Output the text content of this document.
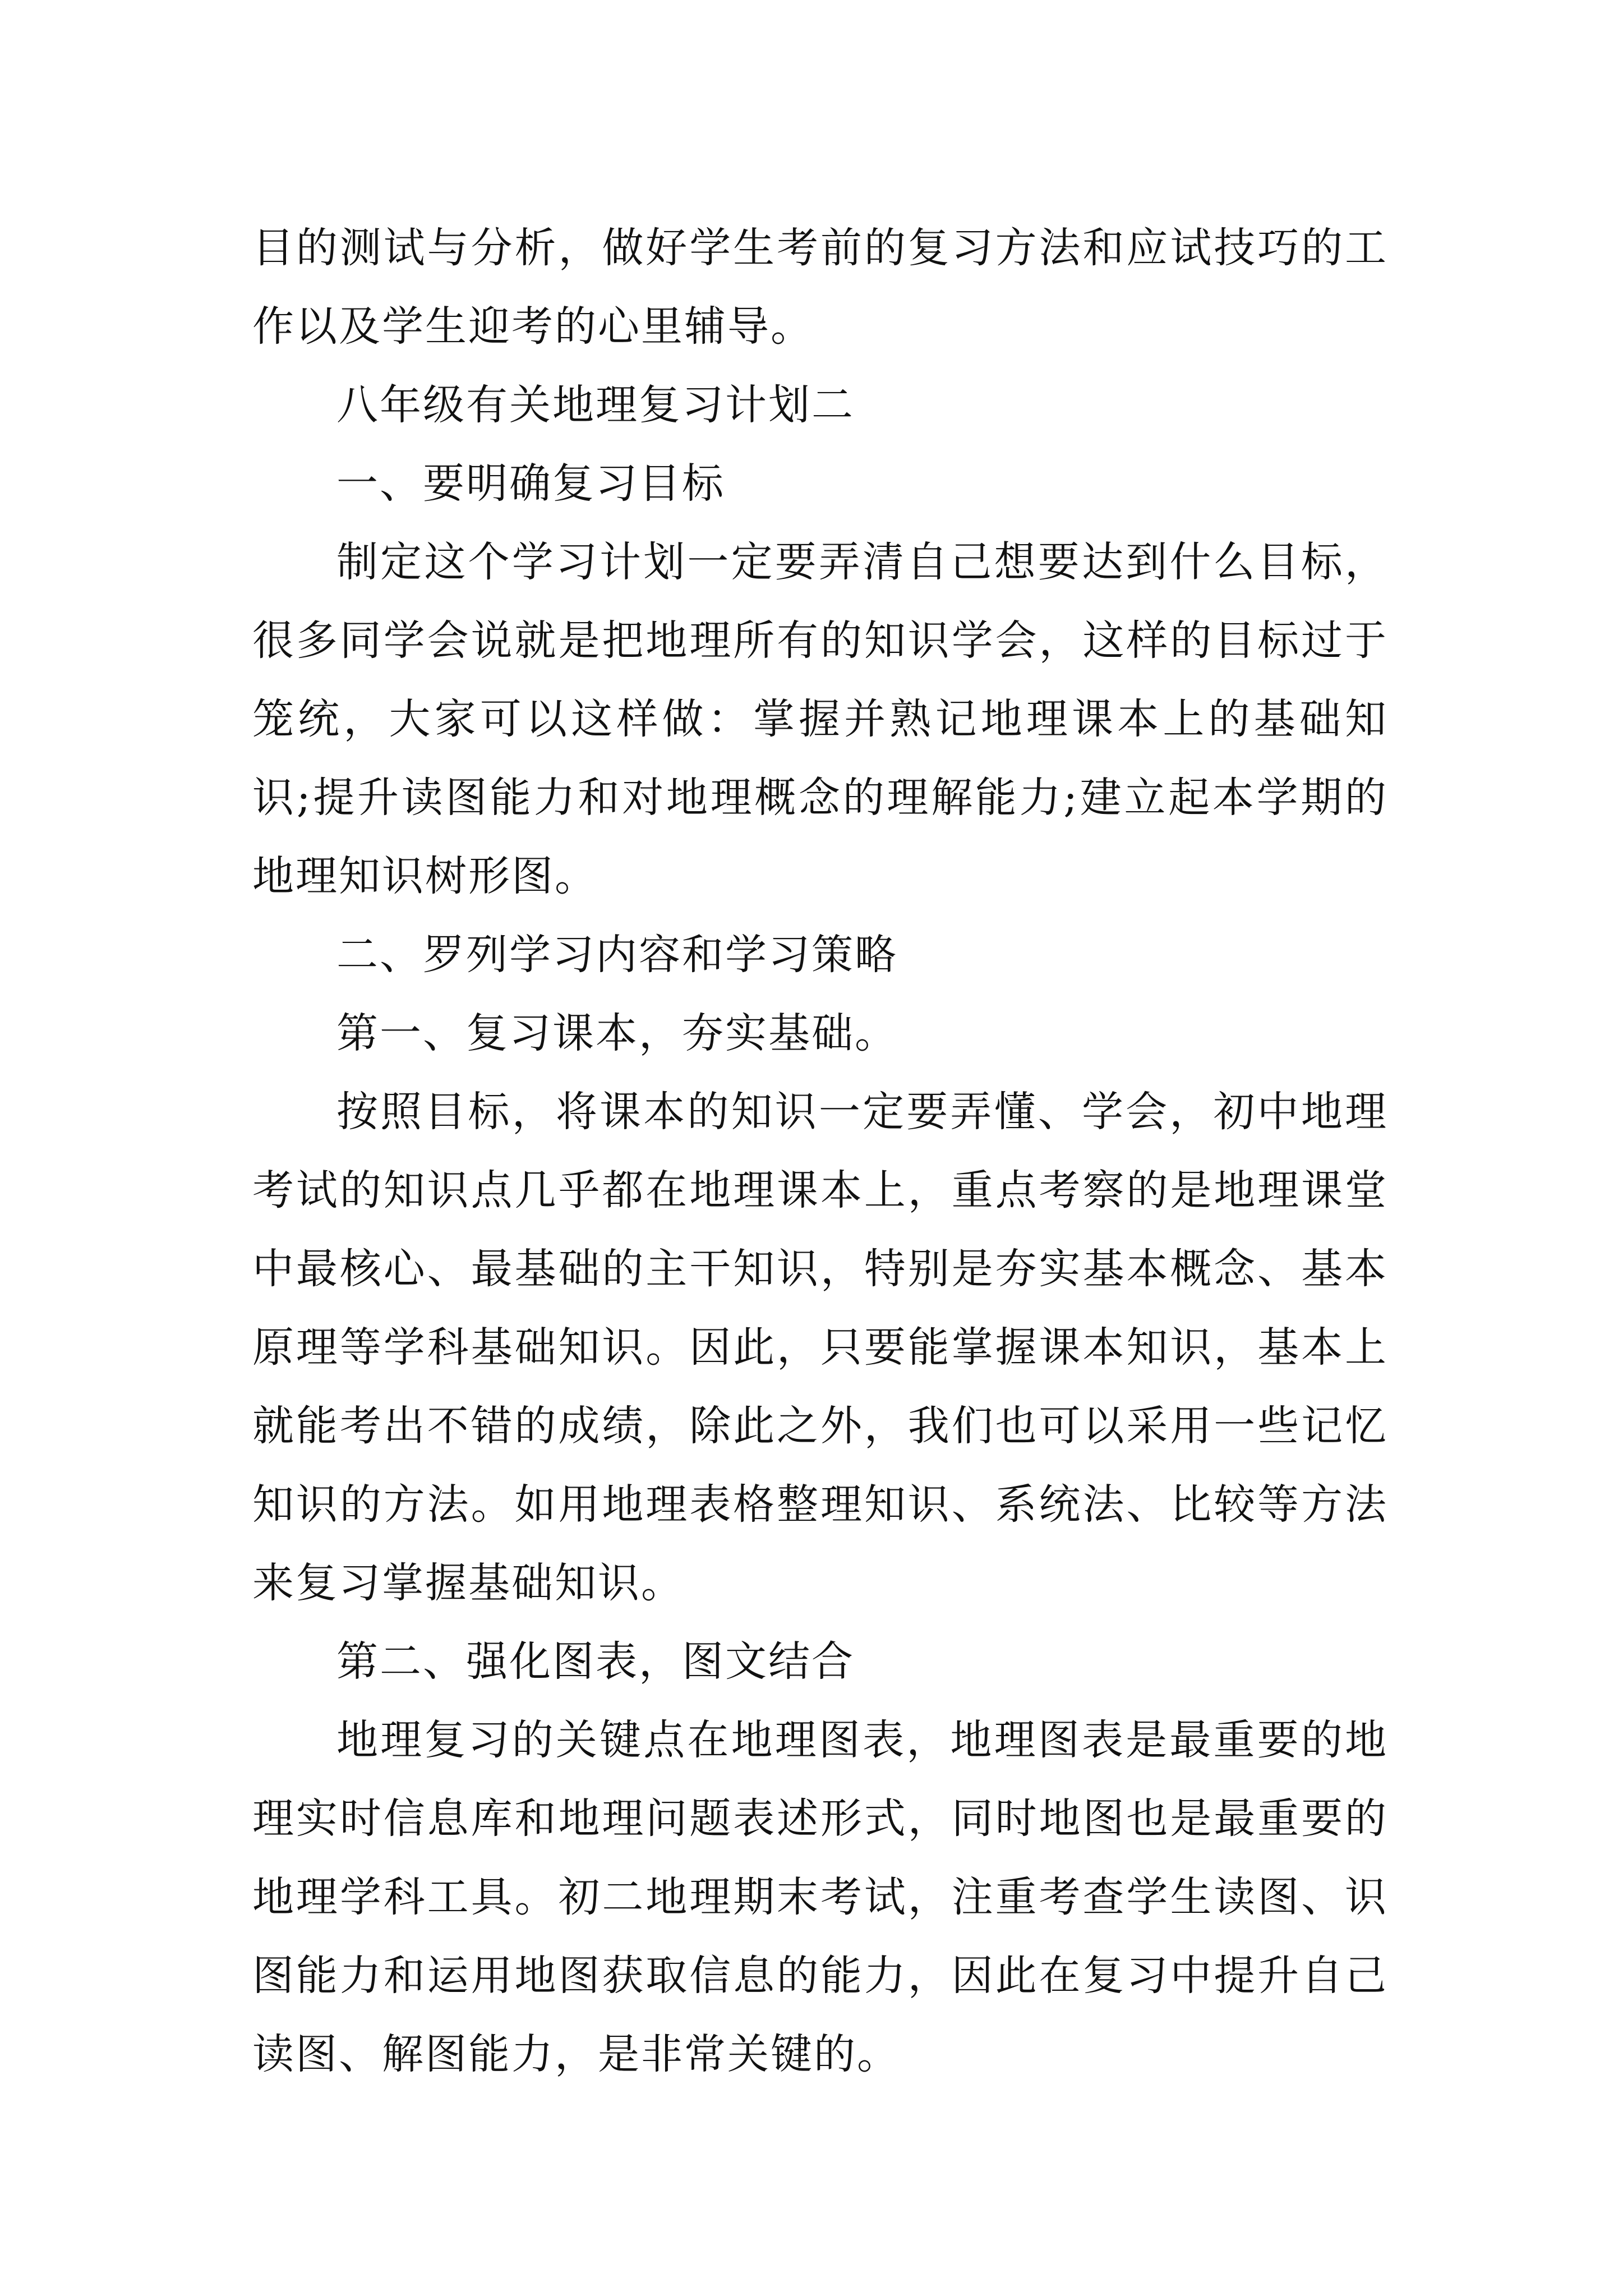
目的测试与分析，做好学生考前的复习方法和应试技巧的工作以及学生迎考的心里辅导。

八年级有关地理复习计划二

一、要明确复习目标

制定这个学习计划一定要弄清自己想要达到什么目标，很多同学会说就是把地理所有的知识学会，这样的目标过于笼统，大家可以这样做：掌握并熟记地理课本上的基础知识;提升读图能力和对地理概念的理解能力;建立起本学期的地理知识树形图。

二、罗列学习内容和学习策略

第一、复习课本，夯实基础。

按照目标，将课本的知识一定要弄懂、学会，初中地理考试的知识点几乎都在地理课本上，重点考察的是地理课堂中最核心、最基础的主干知识，特别是夯实基本概念、基本原理等学科基础知识。因此，只要能掌握课本知识，基本上就能考出不错的成绩，除此之外，我们也可以采用一些记忆知识的方法。如用地理表格整理知识、系统法、比较等方法来复习掌握基础知识。

第二、强化图表，图文结合

地理复习的关键点在地理图表，地理图表是最重要的地理实时信息库和地理问题表述形式，同时地图也是最重要的地理学科工具。初二地理期末考试，注重考查学生读图、识图能力和运用地图获取信息的能力，因此在复习中提升自己读图、解图能力，是非常关键的。
